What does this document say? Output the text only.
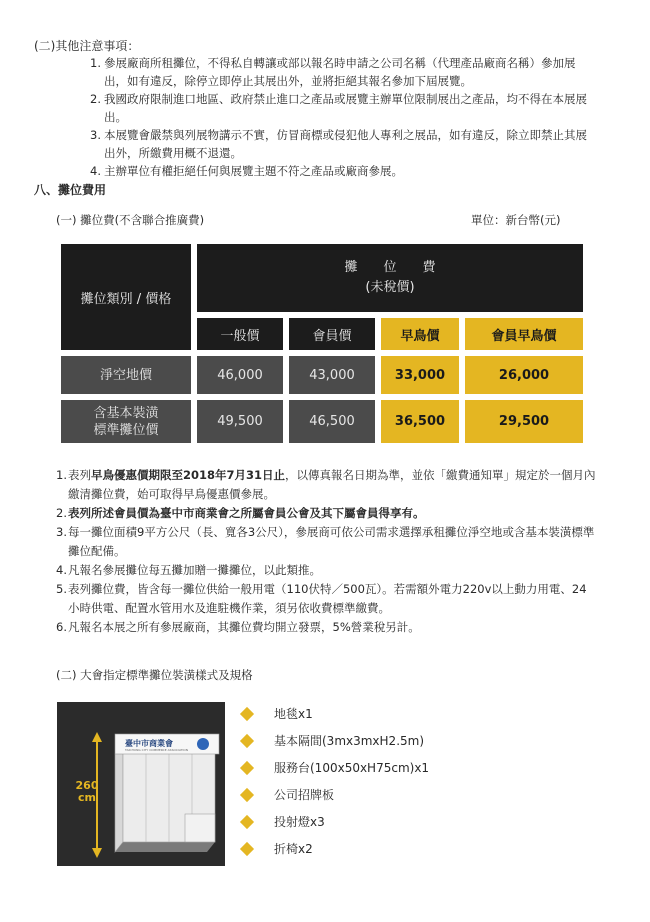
(二)其他注意事項：
1. 參展廠商所租攤位，不得私自轉讓或部以報名時申請之公司名稱（代理產品廠商名稱）參加展出，如有違反，除停立即停止其展出外，並將拒絕其報名參加下屆展覽。
2. 我國政府限制進口地區、政府禁止進口之產品或展覽主辦單位限制展出之產品，均不得在本展展出。
3. 本展覽會嚴禁與列展物講示不實，仿冒商標或侵犯他人專利之展品，如有違反，除立即禁止其展出外，所繳費用概不退還。
4. 主辦單位有權拒絕任何與展覽主題不符之產品或廠商參展。
八、攤位費用
(一) 攤位費(不含聯合推廣費)	單位：新台幣(元)
攤位類別 / 價格	攤　　位　　費
(未稅價)			

	一般價	會員價	早鳥價	會員早鳥價
淨空地價	46,000	43,000	33,000	26,000

含基本裝潢
標準攤位價	49,500	46,500	36,500	29,500
1. 表列早鳥優惠價期限至2018年7月31日止，以傳真報名日期為準，並依「繳費通知單」規定於一個月內繳清攤位費，始可取得早鳥優惠價參展。
2. 表列所述會員價為臺中市商業會之所屬會員公會及其下屬會員得享有。
3. 每一攤位面積9平方公尺（長、寬各3公尺），參展商可依公司需求選擇承租攤位淨空地或含基本裝潢標準攤位配備。
4. 凡報名參展攤位每五攤加贈一攤攤位，以此類推。
5. 表列攤位費，皆含每一攤位供給一般用電（110伏特／500瓦）。若需額外電力220v以上動力用電、24小時供電、配置水管用水及進駐機作業，須另依收費標準繳費。
6. 凡報名本展之所有參展廠商，其攤位費均開立發票，5%營業稅另計。
(二) 大會指定標準攤位裝潢樣式及規格
臺中市商業會
TAICHUNG CITY COMMERCE ASSOCIATION
260
cm
地毯x1
基本隔間(3mx3mxH2.5m)
服務台(100x50xH75cm)x1
公司招牌板
投射燈x3
折椅x2
